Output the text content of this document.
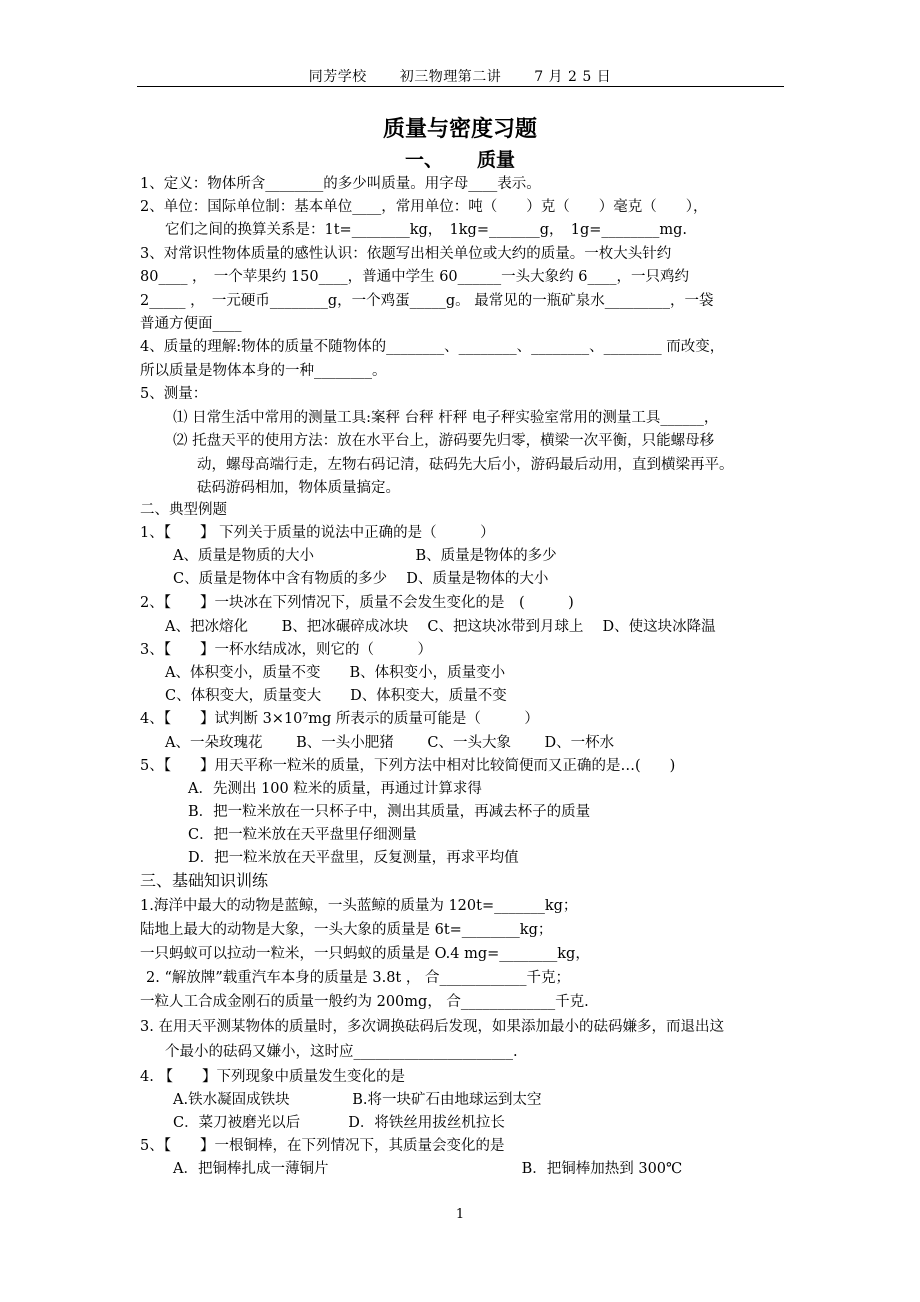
同芳学校 初三物理第二讲 7 月 2 5 日
质量与密度习题
一、 质量
1、定义：物体所含________的多少叫质量。用字母____表示。
2、单位：国际单位制：基本单位____，常用单位：吨（　　）克（　　）毫克（　　），
它们之间的换算关系是：1t=________kg，　1kg=_______g，　1g=________mg.
3、对常识性物体质量的感性认识：依题写出相关单位或大约的质量。一枚大头针约
80____ ，　一个苹果约 150____，普通中学生 60______一头大象约 6____，一只鸡约
2_____ ，　一元硬币________g，一个鸡蛋_____g。 最常见的一瓶矿泉水_________，一袋
普通方便面____
4、质量的理解:物体的质量不随物体的________、________、________、________ 而改变，
所以质量是物体本身的一种________。
5、测量：
⑴ 日常生活中常用的测量工具:案秤 台秤 杆秤 电子秤实验室常用的测量工具______，
⑵ 托盘天平的使用方法：放在水平台上，游码要先归零，横梁一次平衡，只能螺母移
动，螺母高端行走，左物右码记清，砝码先大后小，游码最后动用，直到横梁再平。
砝码游码相加，物体质量搞定。
二、典型例题
1、【　　】 下列关于质量的说法中正确的是（　　　）
A、质量是物质的大小　　　　　　　B、质量是物体的多少
C、质量是物体中含有物质的多少　 D、质量是物体的大小
2、【　　】一块冰在下列情况下，质量不会发生变化的是　(　　　)
A、把冰熔化　　 B、把冰碾碎成冰块　 C、把这块冰带到月球上　 D、使这块冰降温
3、【　　】一杯水结成冰，则它的（　　　）
A、体积变小，质量不变　　B、体积变小，质量变小
C、体积变大，质量变大　　D、体积变大，质量不变
4、【　　】试判断 3×10⁷mg 所表示的质量可能是（　　　）
A、一朵玫瑰花　　 B、一头小肥猪　　 C、一头大象　　 D、一杯水
5、【　　】用天平称一粒米的质量，下列方法中相对比较简便而又正确的是…(　　)
A．先测出 100 粒米的质量，再通过计算求得
B．把一粒米放在一只杯子中，测出其质量，再减去杯子的质量
C．把一粒米放在天平盘里仔细测量
D．把一粒米放在天平盘里，反复测量，再求平均值
三、基础知识训练
1.海洋中最大的动物是蓝鲸，一头蓝鲸的质量为 120t=_______kg；
陆地上最大的动物是大象，一头大象的质量是 6t=________kg；
一只蚂蚁可以拉动一粒米，一只蚂蚁的质量是 O.4 mg=________kg，
2. “解放牌”载重汽车本身的质量是 3.8t ， 合____________千克；
一粒人工合成金刚石的质量一般约为 200mg， 合_____________千克.
3. 在用天平测某物体的质量时，多次调换砝码后发现，如果添加最小的砝码嫌多，而退出这
个最小的砝码又嫌小，这时应______________________.
4. 【　　】下列现象中质量发生变化的是
A.铁水凝固成铁块　　　　 B.将一块矿石由地球运到太空
C．菜刀被磨光以后　　　 D．将铁丝用拔丝机拉长
5、【　　】一根铜棒，在下列情况下，其质量会变化的是
A．把铜棒扎成一薄铜片　　　　　　　　　　　　　 B．把铜棒加热到 300℃
1
